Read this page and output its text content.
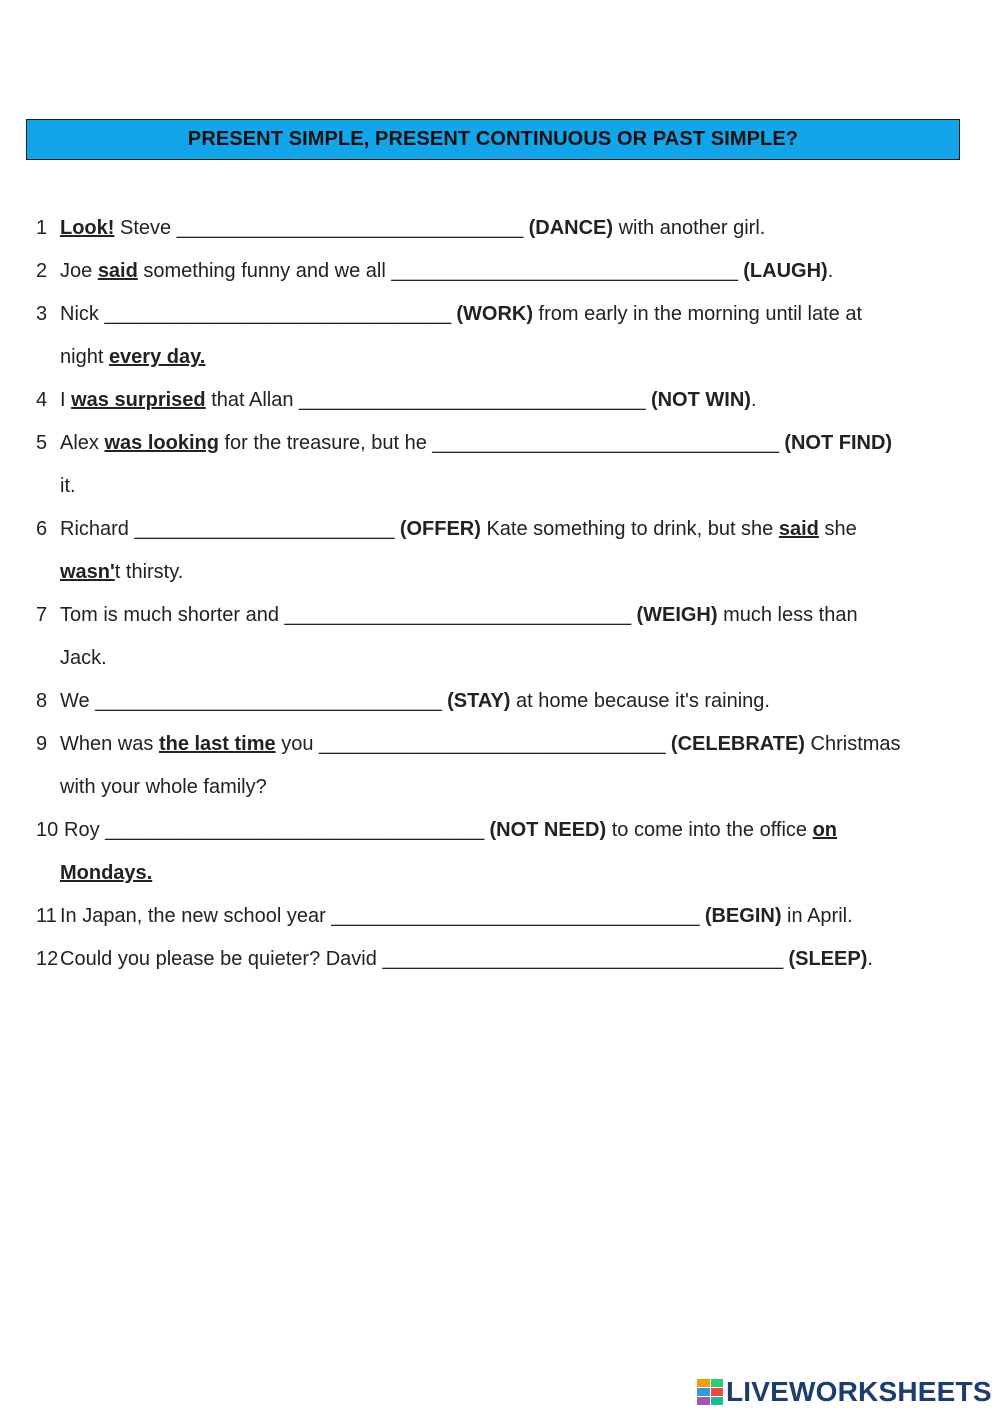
PRESENT SIMPLE, PRESENT CONTINUOUS OR PAST SIMPLE?
1 Look! Steve ________________________________ (DANCE) with another girl.
2 Joe said something funny and we all ________________________________ (LAUGH).
3 Nick ________________________________ (WORK) from early in the morning until late at
night every day.
4 I was surprised that Allan ________________________________ (NOT WIN).
5 Alex was looking for the treasure, but he ________________________________ (NOT FIND)
it.
6 Richard ________________________ (OFFER) Kate something to drink, but she said she
wasn't thirsty.
7 Tom is much shorter and ________________________________ (WEIGH) much less than
Jack.
8 We ________________________________ (STAY) at home because it's raining.
9 When was the last time you ________________________________ (CELEBRATE) Christmas
with your whole family?
10 Roy ___________________________________ (NOT NEED) to come into the office on
Mondays.
11 In Japan, the new school year __________________________________ (BEGIN) in April.
12Could you please be quieter? David _____________________________________ (SLEEP).
LIVEWORKSHEETS
